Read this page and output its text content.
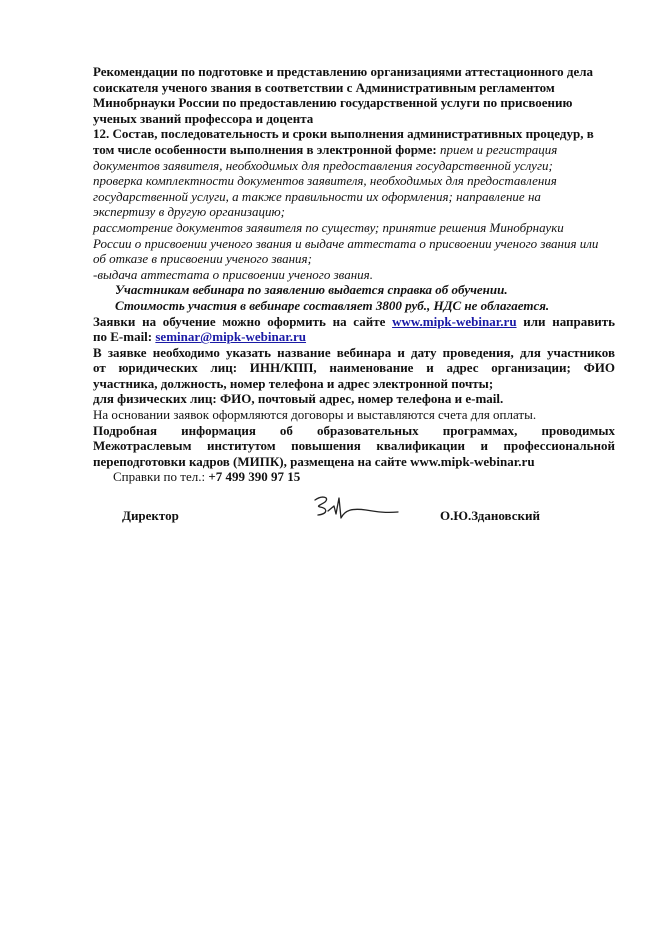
Рекомендации по подготовке и представлению организациями аттестационного дела
соискателя ученого звания в соответствии с Административным регламентом
Минобрнауки России по предоставлению государственной услуги по присвоению
ученых званий профессора и доцента
12. Состав, последовательность и сроки выполнения административных процедур, в
том числе особенности выполнения в электронной форме: прием и регистрация
документов заявителя, необходимых для предоставления государственной услуги;
проверка комплектности документов заявителя, необходимых для предоставления
государственной услуги, а также правильности их оформления; направление на
экспертизу в другую организацию;
рассмотрение документов заявителя по существу; принятие решения Минобрнауки
России о присвоении ученого звания и выдаче аттестата о присвоении ученого звания или
об отказе в присвоении ученого звания;
-выдача аттестата о присвоении ученого звания.
Участникам вебинара по заявлению выдается справка об обучении.
Стоимость участия в вебинаре составляет 3800 руб., НДС не облагается.
Заявки на обучение можно оформить на сайте www.mipk-webinar.ru или направить
по E-mail: seminar@mipk-webinar.ru
В заявке необходимо указать название вебинара и дату проведения, для участников
от юридических лиц: ИНН/КПП, наименование и адрес организации; ФИО
участника, должность, номер телефона и адрес электронной почты;
для физических лиц: ФИО, почтовый адрес, номер телефона и e-mail.
На основании заявок оформляются договоры и выставляются счета для оплаты.
Подробная информация об образовательных программах, проводимых
Межотраслевым институтом повышения квалификации и профессиональной
переподготовки кадров (МИПК), размещена на сайте www.mipk-webinar.ru
Справки по тел.: +7 499 390 97 15
Директор	О.Ю.Здановский
